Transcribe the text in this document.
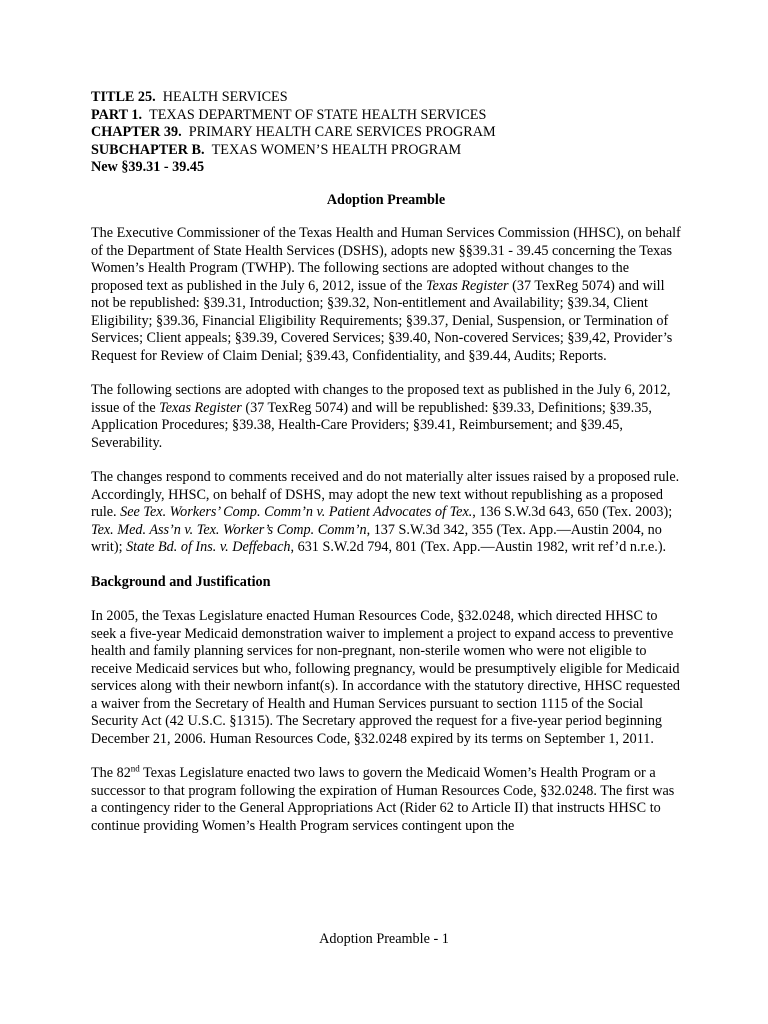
TITLE 25. HEALTH SERVICES
PART 1. TEXAS DEPARTMENT OF STATE HEALTH SERVICES
CHAPTER 39. PRIMARY HEALTH CARE SERVICES PROGRAM
SUBCHAPTER B. TEXAS WOMEN’S HEALTH PROGRAM
New §39.31 - 39.45
Adoption Preamble

The Executive Commissioner of the Texas Health and Human Services Commission (HHSC), on behalf of the Department of State Health Services (DSHS), adopts new §§39.31 - 39.45 concerning the Texas Women’s Health Program (TWHP). The following sections are adopted without changes to the proposed text as published in the July 6, 2012, issue of the Texas Register (37 TexReg 5074) and will not be republished: §39.31, Introduction; §39.32, Non-entitlement and Availability; §39.34, Client Eligibility; §39.36, Financial Eligibility Requirements; §39.37, Denial, Suspension, or Termination of Services; Client appeals; §39.39, Covered Services; §39.40, Non-covered Services; §39,42, Provider’s Request for Review of Claim Denial; §39.43, Confidentiality, and §39.44, Audits; Reports.

The following sections are adopted with changes to the proposed text as published in the July 6, 2012, issue of the Texas Register (37 TexReg 5074) and will be republished: §39.33, Definitions; §39.35, Application Procedures; §39.38, Health-Care Providers; §39.41, Reimbursement; and §39.45, Severability.

The changes respond to comments received and do not materially alter issues raised by a proposed rule. Accordingly, HHSC, on behalf of DSHS, may adopt the new text without republishing as a proposed rule. See Tex. Workers’ Comp. Comm’n v. Patient Advocates of Tex., 136 S.W.3d 643, 650 (Tex. 2003); Tex. Med. Ass’n v. Tex. Worker’s Comp. Comm’n, 137 S.W.3d 342, 355 (Tex. App.—Austin 2004, no writ); State Bd. of Ins. v. Deffebach, 631 S.W.2d 794, 801 (Tex. App.—Austin 1982, writ ref’d n.r.e.).

Background and Justification

In 2005, the Texas Legislature enacted Human Resources Code, §32.0248, which directed HHSC to seek a five-year Medicaid demonstration waiver to implement a project to expand access to preventive health and family planning services for non-pregnant, non-sterile women who were not eligible to receive Medicaid services but who, following pregnancy, would be presumptively eligible for Medicaid services along with their newborn infant(s). In accordance with the statutory directive, HHSC requested a waiver from the Secretary of Health and Human Services pursuant to section 1115 of the Social Security Act (42 U.S.C. §1315). The Secretary approved the request for a five-year period beginning December 21, 2006. Human Resources Code, §32.0248 expired by its terms on September 1, 2011.

The 82nd Texas Legislature enacted two laws to govern the Medicaid Women’s Health Program or a successor to that program following the expiration of Human Resources Code, §32.0248. The first was a contingency rider to the General Appropriations Act (Rider 62 to Article II) that instructs HHSC to continue providing Women’s Health Program services contingent upon the

Adoption Preamble - 1
